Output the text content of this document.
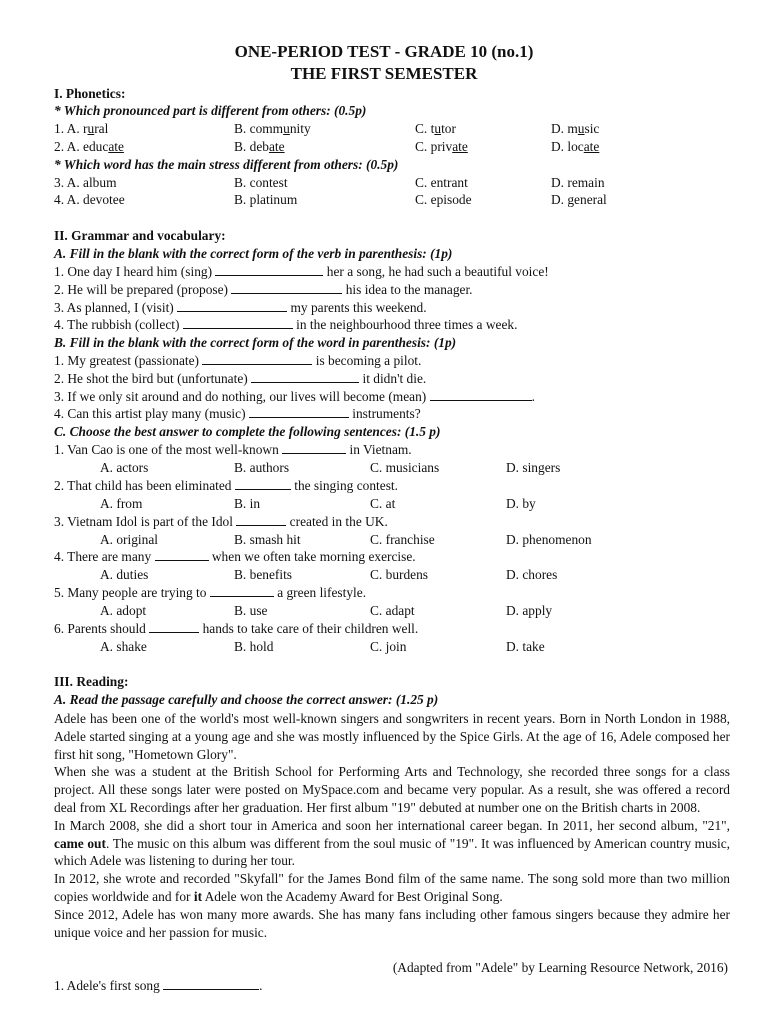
ONE-PERIOD TEST - GRADE 10 (no.1)
THE FIRST SEMESTER
I. Phonetics:
* Which pronounced part is different from others: (0.5p)
1. A. rural	B. community	C. tutor	D. music
2. A. educate	B. debate	C. private	D. locate
* Which word has the main stress different from others: (0.5p)
3. A. album	B. contest	C. entrant	D. remain
4. A. devotee	B. platinum	C. episode	D. general
II. Grammar and vocabulary:
A. Fill in the blank with the correct form of the verb in parenthesis: (1p)
1. One day I heard him (sing)	her a song, he had such a beautiful voice!
2. He will be prepared (propose)	his idea to the manager.
3. As planned, I (visit)	my parents this weekend.
4. The rubbish (collect)	in the neighbourhood three times a week.
B. Fill in the blank with the correct form of the word in parenthesis: (1p)
1. My greatest (passionate)	is becoming a pilot.
2. He shot the bird but (unfortunate)	it didn't die.
3. If we only sit around and do nothing, our lives will become (mean)	.
4. Can this artist play many (music)	instruments?
C. Choose the best answer to complete the following sentences: (1.5 p)
1. Van Cao is one of the most well-known	in Vietnam.
A. actors	B. authors	C. musicians	D. singers
2. That child has been eliminated	the singing contest.
A. from	B. in	C. at	D. by
3. Vietnam Idol is part of the Idol	created in the UK.
A. original	B. smash hit	C. franchise	D. phenomenon
4. There are many	when we often take morning exercise.
A. duties	B. benefits	C. burdens	D. chores
5. Many people are trying to	a green lifestyle.
A. adopt	B. use	C. adapt	D. apply
6. Parents should	hands to take care of their children well.
A. shake	B. hold	C. join	D. take
III. Reading:
A. Read the passage carefully and choose the correct answer: (1.25 p)
Adele has been one of the world's most well-known singers and songwriters in recent years. Born in North London in 1988, Adele started singing at a young age and she was mostly influenced by the Spice Girls. At the age of 16, Adele composed her first hit song, "Hometown Glory".
When she was a student at the British School for Performing Arts and Technology, she recorded three songs for a class project. All these songs later were posted on MySpace.com and became very popular. As a result, she was offered a record deal from XL Recordings after her graduation. Her first album "19" debuted at number one on the British charts in 2008.
In March 2008, she did a short tour in America and soon her international career began. In 2011, her second album, "21", came out. The music on this album was different from the soul music of "19". It was influenced by American country music, which Adele was listening to during her tour.
In 2012, she wrote and recorded "Skyfall" for the James Bond film of the same name. The song sold more than two million copies worldwide and for it Adele won the Academy Award for Best Original Song.
Since 2012, Adele has won many more awards. She has many fans including other famous singers because they admire her unique voice and her passion for music.
(Adapted from "Adele" by Learning Resource Network, 2016)
1. Adele's first song	.
